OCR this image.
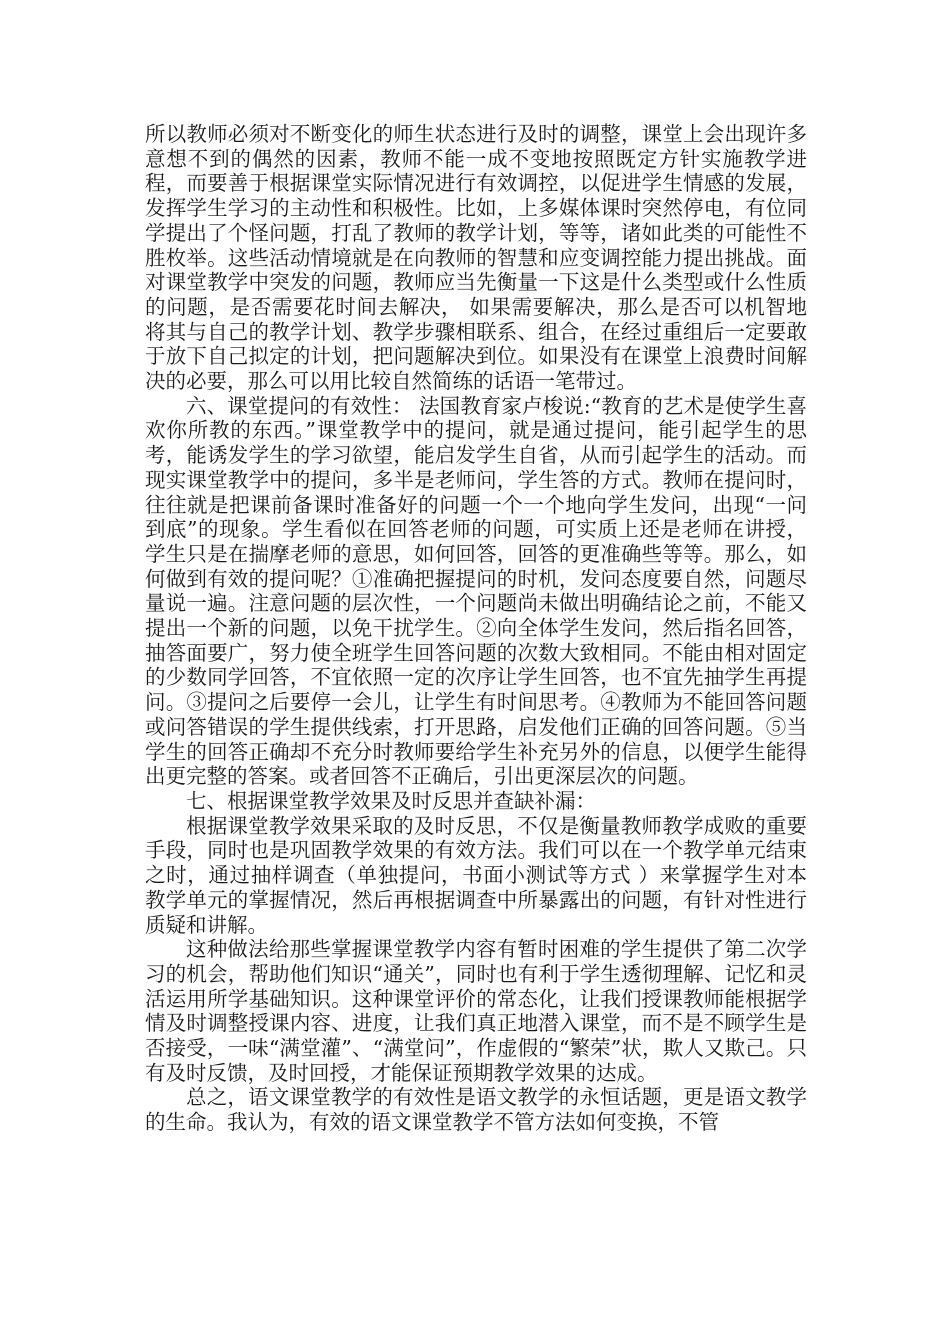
所以教师必须对不断变化的师生状态进行及时的调整，课堂上会出现许多意想不到的偶然的因素，教师不能一成不变地按照既定方针实施教学进程，而要善于根据课堂实际情况进行有效调控，以促进学生情感的发展，发挥学生学习的主动性和积极性。比如，上多媒体课时突然停电，有位同学提出了个怪问题，打乱了教师的教学计划，等等，诸如此类的可能性不胜枚举。这些活动情境就是在向教师的智慧和应变调控能力提出挑战。面对课堂教学中突发的问题，教师应当先衡量一下这是什么类型或什么性质的问题，是否需要花时间去解决， 如果需要解决，那么是否可以机智地将其与自己的教学计划、教学步骤相联系、组合，在经过重组后一定要敢于放下自己拟定的计划，把问题解决到位。如果没有在课堂上浪费时间解决的必要，那么可以用比较自然简练的话语一笔带过。

六、课堂提问的有效性： 法国教育家卢梭说:“教育的艺术是使学生喜欢你所教的东西。”课堂教学中的提问，就是通过提问，能引起学生的思考，能诱发学生的学习欲望，能启发学生自省，从而引起学生的活动。而现实课堂教学中的提问，多半是老师问，学生答的方式。教师在提问时，往往就是把课前备课时准备好的问题一个一个地向学生发问，出现“一问到底”的现象。学生看似在回答老师的问题，可实质上还是老师在讲授，学生只是在揣摩老师的意思，如何回答，回答的更准确些等等。那么，如何做到有效的提问呢？①准确把握提问的时机，发问态度要自然，问题尽量说一遍。注意问题的层次性，一个问题尚未做出明确结论之前，不能又提出一个新的问题，以免干扰学生。②向全体学生发问，然后指名回答，抽答面要广，努力使全班学生回答问题的次数大致相同。不能由相对固定的少数同学回答，不宜依照一定的次序让学生回答，也不宜先抽学生再提问。③提问之后要停一会儿，让学生有时间思考。④教师为不能回答问题或问答错误的学生提供线索，打开思路，启发他们正确的回答问题。⑤当学生的回答正确却不充分时教师要给学生补充另外的信息，以便学生能得出更完整的答案。或者回答不正确后，引出更深层次的问题。

七、根据课堂教学效果及时反思并查缺补漏：

根据课堂教学效果采取的及时反思，不仅是衡量教师教学成败的重要手段，同时也是巩固教学效果的有效方法。我们可以在一个教学单元结束之时，通过抽样调查（单独提问，书面小测试等方式 ）来掌握学生对本教学单元的掌握情况，然后再根据调查中所暴露出的问题，有针对性进行质疑和讲解。

这种做法给那些掌握课堂教学内容有暂时困难的学生提供了第二次学习的机会，帮助他们知识“通关”，同时也有利于学生透彻理解、记忆和灵活运用所学基础知识。这种课堂评价的常态化，让我们授课教师能根据学情及时调整授课内容、进度，让我们真正地潜入课堂，而不是不顾学生是否接受，一味“满堂灌”、“满堂问”，作虚假的“繁荣”状，欺人又欺己。只有及时反馈，及时回授，才能保证预期教学效果的达成。

总之，语文课堂教学的有效性是语文教学的永恒话题，更是语文教学的生命。我认为，有效的语文课堂教学不管方法如何变换，不管
